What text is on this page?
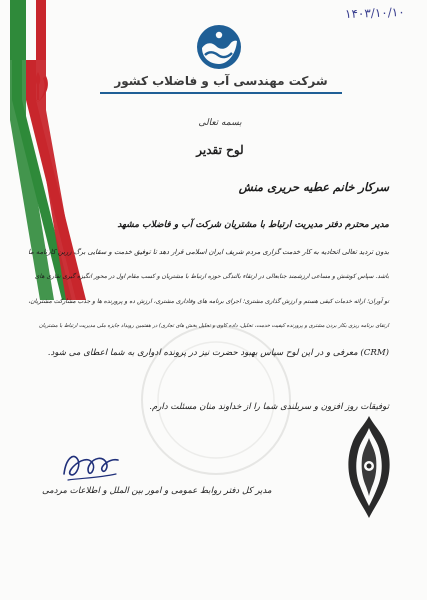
۱۴۰۳/۱۰/۱۰
شرکت مهندسی آب و فاضلاب کشور
بسمه تعالی
لوح تقدیر
سرکار خانم عطیه حریری منش
مدیر محترم دفتر مدیریت ارتباط با مشتریان شرکت آب و فاضلاب مشهد
بدون تردید تعالی اتحادیه به کار خدمت گزاری مردم شریف ایران اسلامی قرار دهد تا توفیق خدمت و سقایی برگ زرین کارنامه ما
باشد. سپاس کوشش و مساعی ارزشمند جنابعالی در ارتقاء بالندگی حوزه ارتباط با مشتریان و کسب مقام اول در محور انگیزه گیری نقاری های
تو آوران؛ ارائه خدمات کیفی هستم و ارزش گذاری مشتری؛ اجرای برنامه های وفاداری مشتری، ارزش ده و پرورنده ها و جذب مشارکت مشتریان،
ارتقای برنامه ریزی بکار بردن مشتری و پرورنده کیفیت خدمت، تحلیل، داده کاوی و تحلیل بخش های تجاری) در هفتمین رویداد جایزه ملی مدیریت ارتباط با مشتریان
(CRM) معرفی و در این لوح سپاس بهبود حضرت نیز در پرونده ادواری به شما اعطای می شود.
توفیقات روز افزون و سربلندی شما را از خداوند منان مسئلت دارم.
مدیر کل دفتر روابط عمومی و امور بین الملل و اطلاعات مردمی
